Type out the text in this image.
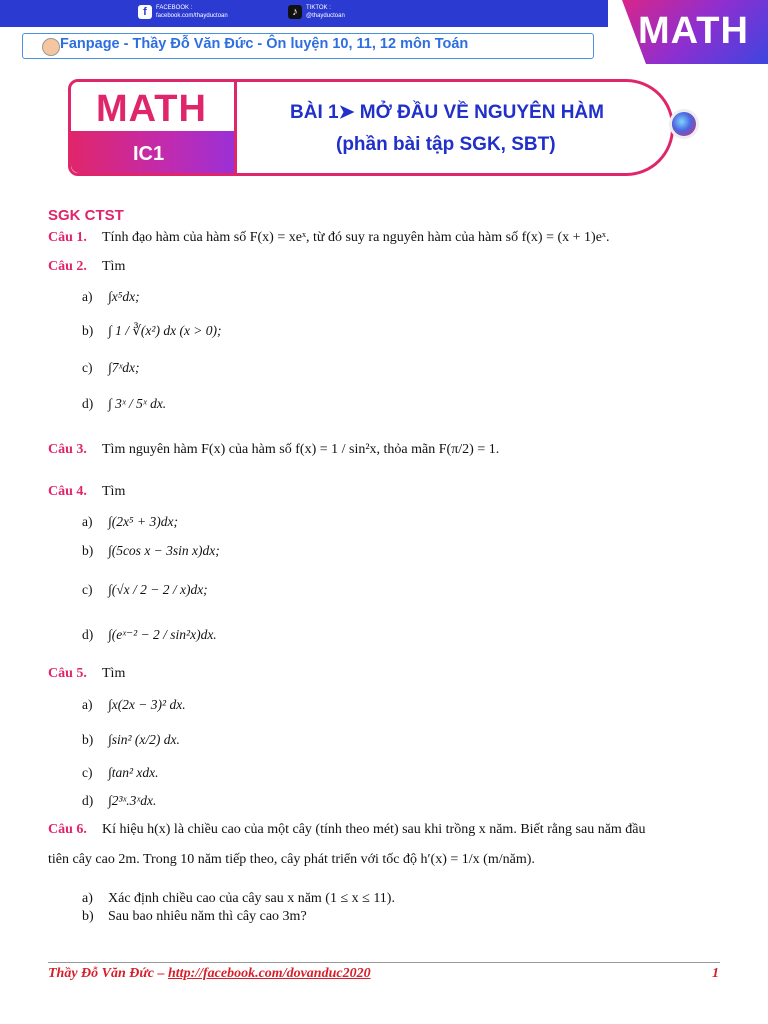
f	FACEBOOK :
facebook.com/thayductoan	♪	TIKTOK :
@thayductoan	MATH
Fanpage - Thầy Đỗ Văn Đức - Ôn luyện 10, 11, 12 môn Toán
MATH
IC1
BÀI 1➤ MỞ ĐẦU VỀ NGUYÊN HÀM
(phần bài tập SGK, SBT)
SGK CTST
Câu 1. Tính đạo hàm của hàm số F(x) = xeˣ, từ đó suy ra nguyên hàm của hàm số f(x) = (x + 1)eˣ.
Câu 2. Tìm
a) ∫x⁵dx;
b) ∫ 1 / ∛(x²) dx (x > 0);
c) ∫7ˣdx;
d) ∫ 3ˣ / 5ˣ dx.
Câu 3. Tìm nguyên hàm F(x) của hàm số f(x) = 1 / sin²x, thỏa mãn F(π/2) = 1.
Câu 4. Tìm
a) ∫(2x⁵ + 3)dx;
b) ∫(5cos x − 3sin x)dx;
c) ∫(√x / 2 − 2 / x)dx;
d) ∫(eˣ⁻² − 2 / sin²x)dx.
Câu 5. Tìm
a) ∫x(2x − 3)² dx.
b) ∫sin² (x/2) dx.
c) ∫tan² xdx.
d) ∫2³ˣ.3ˣdx.
Câu 6. Kí hiệu h(x) là chiều cao của một cây (tính theo mét) sau khi trồng x năm. Biết rằng sau năm đầu
tiên cây cao 2m. Trong 10 năm tiếp theo, cây phát triển với tốc độ h′(x) = 1/x (m/năm).
a) Xác định chiều cao của cây sau x năm (1 ≤ x ≤ 11).
b) Sau bao nhiêu năm thì cây cao 3m?
Thầy Đỗ Văn Đức – http://facebook.com/dovanduc2020	1
